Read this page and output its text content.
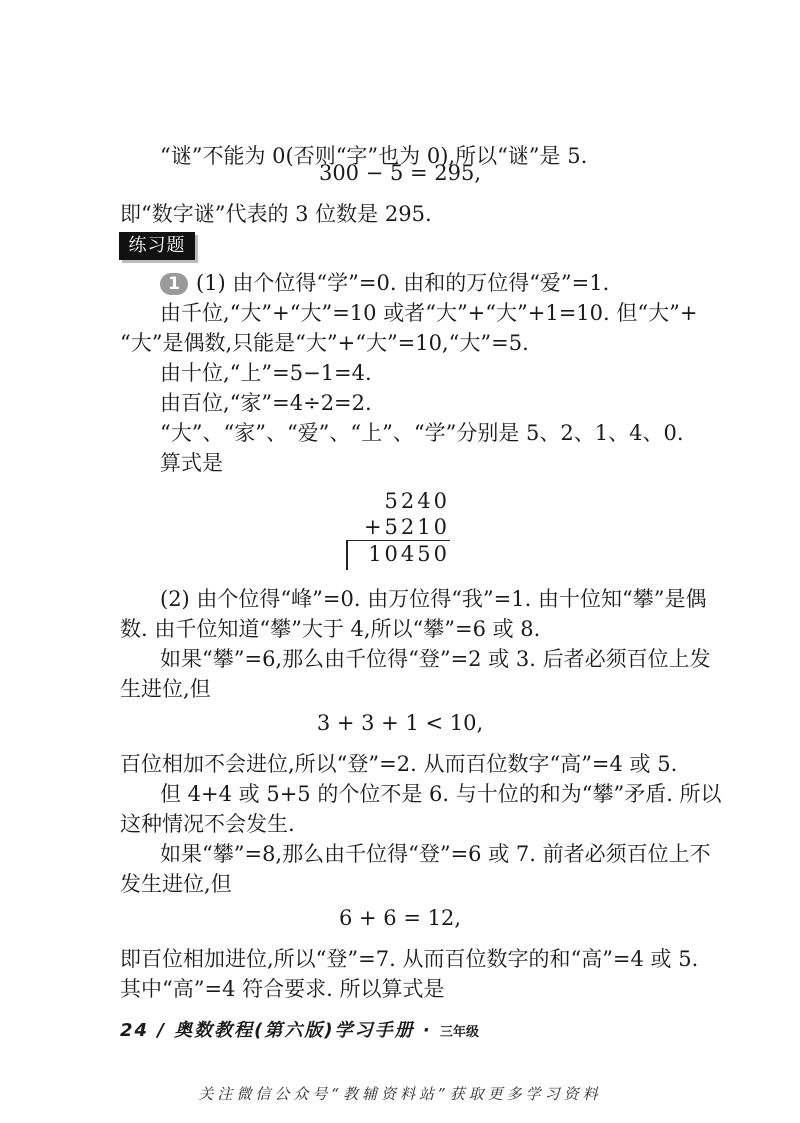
“谜”不能为 0(否则“字”也为 0),所以“谜”是 5.

300 − 5 = 295,

即“数字谜”代表的 3 位数是 295.

练习题

1 (1) 由个位得“学”=0. 由和的万位得“爱”=1.

由千位,“大”+“大”=10 或者“大”+“大”+1=10. 但“大”+

“大”是偶数,只能是“大”+“大”=10,“大”=5.

由十位,“上”=5−1=4.

由百位,“家”=4÷2=2.

“大”、“家”、“爱”、“上”、“学”分别是 5、2、1、4、0.

算式是

5240
+5210
10450

(2) 由个位得“峰”=0. 由万位得“我”=1. 由十位知“攀”是偶

数. 由千位知道“攀”大于 4,所以“攀”=6 或 8.

如果“攀”=6,那么由千位得“登”=2 或 3. 后者必须百位上发

生进位,但

3 + 3 + 1 < 10,

百位相加不会进位,所以“登”=2. 从而百位数字“高”=4 或 5.

但 4+4 或 5+5 的个位不是 6. 与十位的和为“攀”矛盾. 所以

这种情况不会发生.

如果“攀”=8,那么由千位得“登”=6 或 7. 前者必须百位上不

发生进位,但

6 + 6 = 12,

即百位相加进位,所以“登”=7. 从而百位数字的和“高”=4 或 5.

其中“高”=4 符合要求. 所以算式是

24 / 奥数教程(第六版)学习手册 · 三年级
关注微信公众号“教辅资料站”获取更多学习资料
